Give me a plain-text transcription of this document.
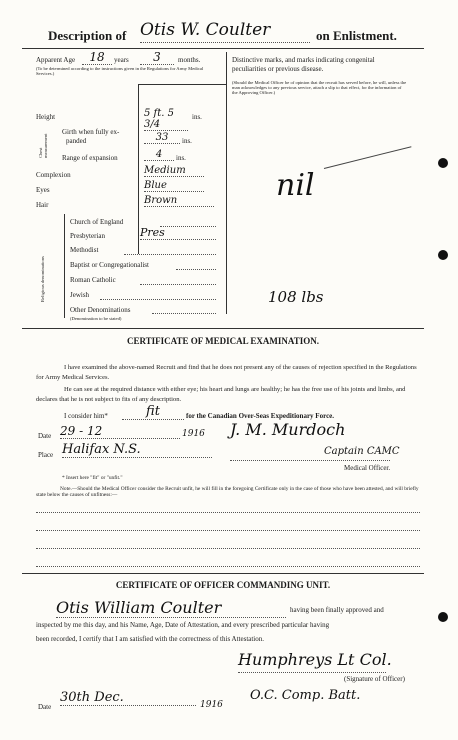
Description of Otis W. Coulter	on Enlistment.
Apparent Age	18	years	3	months.
(To be determined according to the instructions given in the Regulations for Army Medical Services.)
Height	5 ft. 5 3/4
ins.
Chest measurement
Girth when fully ex-
panded	33	ins.
Range of expansion	4	ins.
Complexion	Medium
Eyes	Blue
Hair	Brown
Religious denominations
Church of England
Presbyterian	Pres
Methodist
Baptist or Congregationalist
Roman Catholic
Jewish
Other Denominations
(Denomination to be stated)
Distinctive marks, and marks indicating congenital
peculiarities or previous disease.
(Should the Medical Officer be of opinion that the recruit has served before, he will, unless the man acknowledges to any previous service, attach a slip to that effect, for the information of the Approving Officer.)
nil
108 lbs
CERTIFICATE OF MEDICAL EXAMINATION.
I have examined the above-named Recruit and find that he does not present any of the causes of rejection specified in the Regulations for Army Medical Services.
He can see at the required distance with either eye; his heart and lungs are healthy; he has the free use of his joints and limbs, and declares that he is not subject to fits of any description.
I consider him*	fit	for the Canadian Over-Seas Expeditionary Force.
Date 29 - 12	1916 J. M. Murdoch
Place Halifax N.S.	Captain CAMC
Medical Officer.
* Insert here "fit" or "unfit."
Note.—Should the Medical Officer consider the Recruit unfit, he will fill in the foregoing Certificate only in the case of those who have been attested, and will briefly state below the causes of unfitness:—
CERTIFICATE OF OFFICER COMMANDING UNIT.
Otis William Coulter	having been finally approved and
inspected by me this day, and his Name, Age, Date of Attestation, and every prescribed particular having
been recorded, I certify that I am satisfied with the correctness of this Attestation.
Humphreys Lt Col.
(Signature of Officer)
Date
30th Dec.	1916
O.C. Comp. Batt.
